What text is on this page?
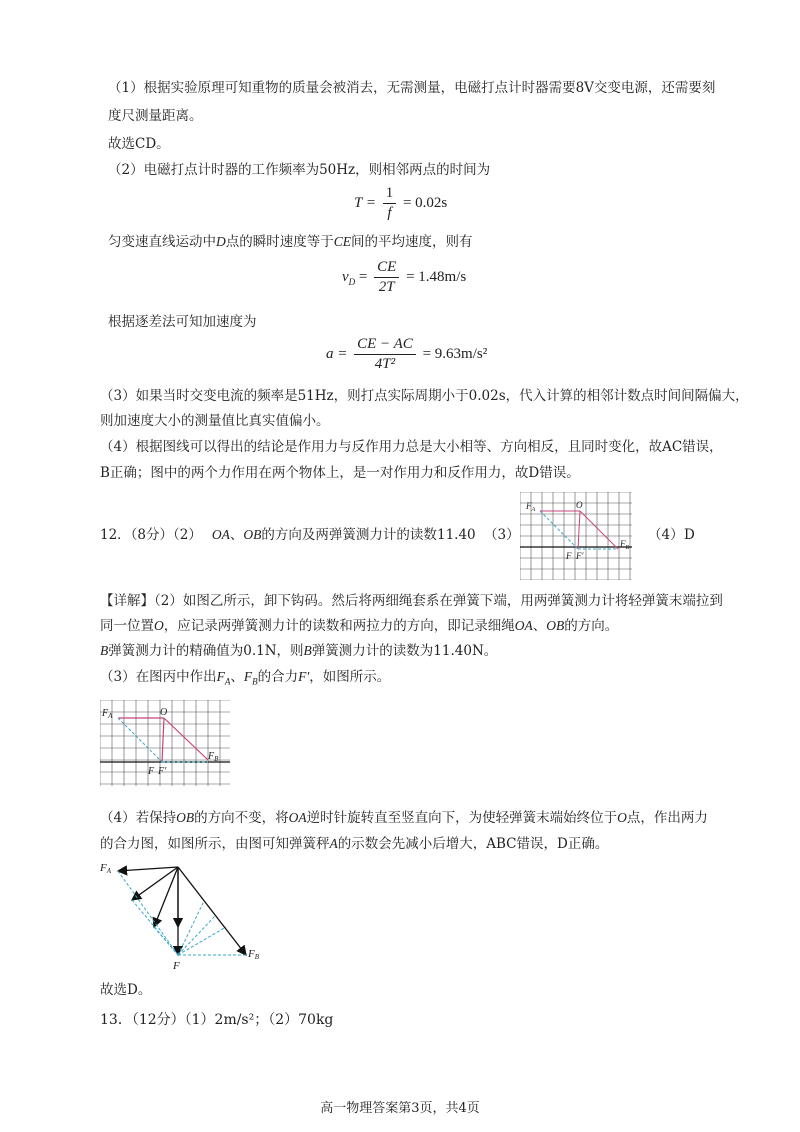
（1）根据实验原理可知重物的质量会被消去，无需测量，电磁打点计时器需要8V交变电源，还需要刻
度尺测量距离。
故选CD。
（2）电磁打点计时器的工作频率为50Hz，则相邻两点的时间为
$T = \frac{1}{f} = 0.02s$
匀变速直线运动中D点的瞬时速度等于CE间的平均速度，则有
$v_D = \frac{CE}{2T} = 1.48m/s$
根据逐差法可知加速度为
$a = \frac{CE - AC}{\text{4T²}} = 9.63m/s^2$
（3）如果当时交变电流的频率是51Hz，则打点实际周期小于0.02s，代入计算的相邻计数点时间间隔偏大，
则加速度大小的测量值比真实值偏小。
（4）根据图线可以得出的结论是作用力与反作用力总是大小相等、方向相反，且同时变化，故AC错误，
B正确；图中的两个力作用在两个物体上，是一对作用力和反作用力，故D错误。
12．（8分）（2） OA、OB的方向及两弹簧测力计的读数 11.40 （3）	（4） D
$F_A$	O
$F_B$
F F′
【详解】（2）如图乙所示，卸下钩码。然后将两细绳套系在弹簧下端，用两弹簧测力计将轻弹簧末端拉到
同一位置O，应记录两弹簧测力计的读数和两拉力的方向，即记录细绳OA、OB的方向。
B弹簧测力计的精确值为0.1N，则B弹簧测力计的读数为11.40N。
（3）在图丙中作出$F_A$、$F_B$的合力F′，如图所示。
$F_A$	O
$F_B$
F F′
（4）若保持OB的方向不变，将OA逆时针旋转直至竖直向下，为使轻弹簧末端始终位于O点，作出两力
的合力图，如图所示，由图可知弹簧秤A的示数会先减小后增大，ABC错误，D正确。
FA
FB
F
故选D。
13．（12分）（1）2m/s²；（2）70kg
高一物理答案第3页，共4页
